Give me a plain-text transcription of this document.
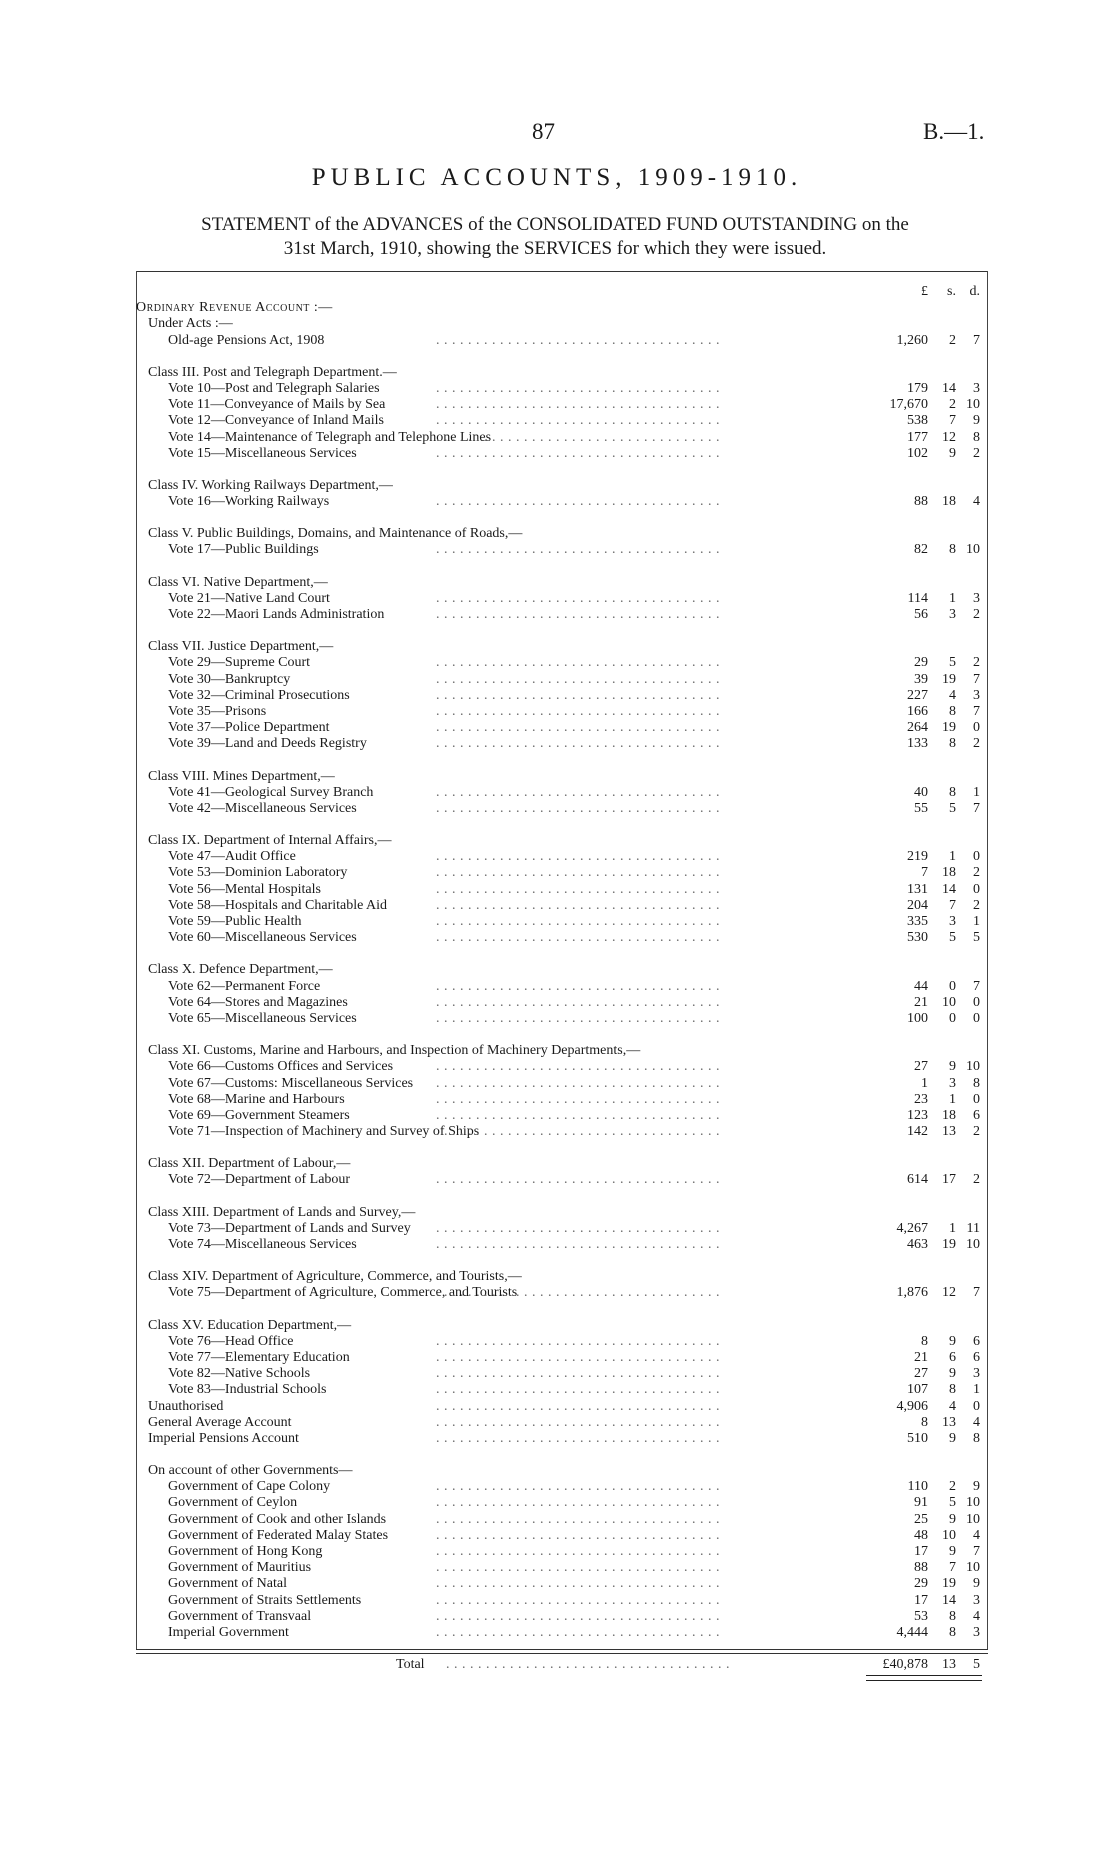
87	B.—1.
PUBLIC ACCOUNTS, 1909-1910.
STATEMENT of the ADVANCES of the CONSOLIDATED FUND OUTSTANDING on the
31st March, 1910, showing the SERVICES for which they were issued.
£ s. d.
Ordinary Revenue Account :—
Under Acts :—
Old-age Pensions Act, 1908	. . . . . . . . . . . . . . . . . . . . . . . . . . . . . . . . . . . .	1,260 2 7
Class III. Post and Telegraph Department.—
Vote 10—Post and Telegraph Salaries	. . . . . . . . . . . . . . . . . . . . . . . . . . . . . . . . . . . .	179 14 3
Vote 11—Conveyance of Mails by Sea	. . . . . . . . . . . . . . . . . . . . . . . . . . . . . . . . . . . .	17,670 2 10
Vote 12—Conveyance of Inland Mails	. . . . . . . . . . . . . . . . . . . . . . . . . . . . . . . . . . . .	538 7 9
Vote 14—Maintenance of Telegraph and Telephone Lines
. . . . . . . . . . . . . . . . . . . . . . . . . . . . . . . . . . . .	177 12 8
Vote 15—Miscellaneous Services	. . . . . . . . . . . . . . . . . . . . . . . . . . . . . . . . . . . .	102 9 2
Class IV. Working Railways Department,—
Vote 16—Working Railways	. . . . . . . . . . . . . . . . . . . . . . . . . . . . . . . . . . . .	88 18 4
Class V. Public Buildings, Domains, and Maintenance of Roads,—
Vote 17—Public Buildings	. . . . . . . . . . . . . . . . . . . . . . . . . . . . . . . . . . . .	82 8 10
Class VI. Native Department,—
Vote 21—Native Land Court	. . . . . . . . . . . . . . . . . . . . . . . . . . . . . . . . . . . .	114 1 3
Vote 22—Maori Lands Administration	. . . . . . . . . . . . . . . . . . . . . . . . . . . . . . . . . . . .	56 3 2
Class VII. Justice Department,—
Vote 29—Supreme Court	. . . . . . . . . . . . . . . . . . . . . . . . . . . . . . . . . . . .	29 5 2
Vote 30—Bankruptcy	. . . . . . . . . . . . . . . . . . . . . . . . . . . . . . . . . . . .	39 19 7
Vote 32—Criminal Prosecutions	. . . . . . . . . . . . . . . . . . . . . . . . . . . . . . . . . . . .	227 4 3
Vote 35—Prisons	. . . . . . . . . . . . . . . . . . . . . . . . . . . . . . . . . . . .	166 8 7
Vote 37—Police Department	. . . . . . . . . . . . . . . . . . . . . . . . . . . . . . . . . . . .	264 19 0
Vote 39—Land and Deeds Registry	. . . . . . . . . . . . . . . . . . . . . . . . . . . . . . . . . . . .	133 8 2
Class VIII. Mines Department,—
Vote 41—Geological Survey Branch	. . . . . . . . . . . . . . . . . . . . . . . . . . . . . . . . . . . .	40 8 1
Vote 42—Miscellaneous Services	. . . . . . . . . . . . . . . . . . . . . . . . . . . . . . . . . . . .	55 5 7
Class IX. Department of Internal Affairs,—
Vote 47—Audit Office	. . . . . . . . . . . . . . . . . . . . . . . . . . . . . . . . . . . .	219 1 0
Vote 53—Dominion Laboratory	. . . . . . . . . . . . . . . . . . . . . . . . . . . . . . . . . . . .	7 18 2
Vote 56—Mental Hospitals	. . . . . . . . . . . . . . . . . . . . . . . . . . . . . . . . . . . .	131 14 0
Vote 58—Hospitals and Charitable Aid	. . . . . . . . . . . . . . . . . . . . . . . . . . . . . . . . . . . .	204 7 2
Vote 59—Public Health	. . . . . . . . . . . . . . . . . . . . . . . . . . . . . . . . . . . .	335 3 1
Vote 60—Miscellaneous Services	. . . . . . . . . . . . . . . . . . . . . . . . . . . . . . . . . . . .	530 5 5
Class X. Defence Department,—
Vote 62—Permanent Force	. . . . . . . . . . . . . . . . . . . . . . . . . . . . . . . . . . . .	44 0 7
Vote 64—Stores and Magazines	. . . . . . . . . . . . . . . . . . . . . . . . . . . . . . . . . . . .	21 10 0
Vote 65—Miscellaneous Services	. . . . . . . . . . . . . . . . . . . . . . . . . . . . . . . . . . . .	100 0 0
Class XI. Customs, Marine and Harbours, and Inspection of Machinery Departments,—
Vote 66—Customs Offices and Services	. . . . . . . . . . . . . . . . . . . . . . . . . . . . . . . . . . . .	27 9 10
Vote 67—Customs: Miscellaneous Services . . . . . . . . . . . . . . . . . . . . . . . . . . . . . . . . . . . .	1 3 8
Vote 68—Marine and Harbours	. . . . . . . . . . . . . . . . . . . . . . . . . . . . . . . . . . . .	23 1 0
Vote 69—Government Steamers	. . . . . . . . . . . . . . . . . . . . . . . . . . . . . . . . . . . .	123 18 6
Vote 71—Inspection of Machinery and Survey of Ships
. . . . . . . . . . . . . . . . . . . . . . . . . . . . . . . . . . . .	142 13 2
Class XII. Department of Labour,—
Vote 72—Department of Labour	. . . . . . . . . . . . . . . . . . . . . . . . . . . . . . . . . . . .	614 17 2
Class XIII. Department of Lands and Survey,—
Vote 73—Department of Lands and Survey . . . . . . . . . . . . . . . . . . . . . . . . . . . . . . . . . . . .	4,267 1 11
Vote 74—Miscellaneous Services	. . . . . . . . . . . . . . . . . . . . . . . . . . . . . . . . . . . .	463 19 10
Class XIV. Department of Agriculture, Commerce, and Tourists,—
Vote 75—Department of Agriculture, Commerce, and Tourists
. . . . . . . . . . . . . . . . . . . . . . . . . . . . . . . . . . . .	1,876 12 7
Class XV. Education Department,—
Vote 76—Head Office	. . . . . . . . . . . . . . . . . . . . . . . . . . . . . . . . . . . .	8 9 6
Vote 77—Elementary Education	. . . . . . . . . . . . . . . . . . . . . . . . . . . . . . . . . . . .	21 6 6
Vote 82—Native Schools	. . . . . . . . . . . . . . . . . . . . . . . . . . . . . . . . . . . .	27 9 3
Vote 83—Industrial Schools	. . . . . . . . . . . . . . . . . . . . . . . . . . . . . . . . . . . .	107 8 1
Unauthorised	. . . . . . . . . . . . . . . . . . . . . . . . . . . . . . . . . . . .	4,906 4 0
General Average Account	. . . . . . . . . . . . . . . . . . . . . . . . . . . . . . . . . . . .	8 13 4
Imperial Pensions Account	. . . . . . . . . . . . . . . . . . . . . . . . . . . . . . . . . . . .	510 9 8
On account of other Governments—
Government of Cape Colony	. . . . . . . . . . . . . . . . . . . . . . . . . . . . . . . . . . . .	110 2 9
Government of Ceylon	. . . . . . . . . . . . . . . . . . . . . . . . . . . . . . . . . . . .	91 5 10
Government of Cook and other Islands	. . . . . . . . . . . . . . . . . . . . . . . . . . . . . . . . . . . .	25 9 10
Government of Federated Malay States	. . . . . . . . . . . . . . . . . . . . . . . . . . . . . . . . . . . .	48 10 4
Government of Hong Kong	. . . . . . . . . . . . . . . . . . . . . . . . . . . . . . . . . . . .	17 9 7
Government of Mauritius	. . . . . . . . . . . . . . . . . . . . . . . . . . . . . . . . . . . .	88 7 10
Government of Natal	. . . . . . . . . . . . . . . . . . . . . . . . . . . . . . . . . . . .	29 19 9
Government of Straits Settlements	. . . . . . . . . . . . . . . . . . . . . . . . . . . . . . . . . . . .	17 14 3
Government of Transvaal	. . . . . . . . . . . . . . . . . . . . . . . . . . . . . . . . . . . .	53 8 4
Imperial Government	. . . . . . . . . . . . . . . . . . . . . . . . . . . . . . . . . . . .	4,444 8 3
Total . . . . . . . . . . . . . . . . . . . . . . . . . . . . . . . . . . . .	£40,878 13 5
